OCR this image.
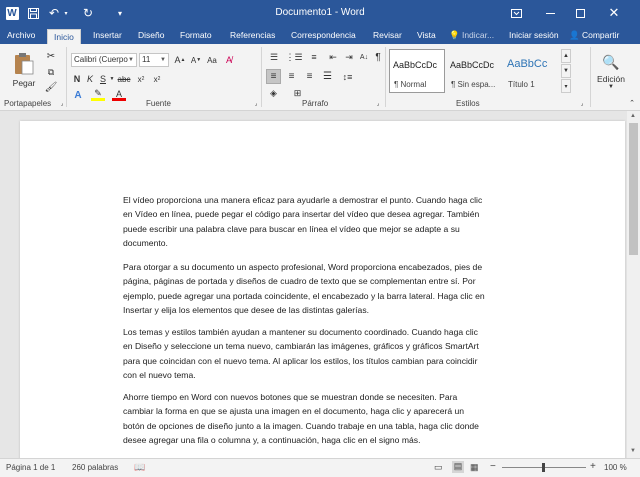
W	↶ ▾ ↻	▾	Documento1 - Word	✕
Archivo	Inicio	Insertar Diseño Formato Referencias Correspondencia Revisar Vista 💡 Indicar... Iniciar sesión 👤 Compartir
Pegar
✂
⧉
🖌
Portapapeles	⌟
Calibri (Cuerpo ▼	11 ▼ A ▲ A ▼ Aa	A̸
N K S ▼ abc x 2	x 2
A	✎	A
Fuente	⌟
☰ ⋮☰ ≡	⇤ ⇥	A↓ ¶
≡	≡	≡	☰	↕≡
◈	⊞
Párrafo	⌟
AaBbCcDc
¶ Normal
AaBbCcDc
¶ Sin espa...
AaBbCc
Título 1
▲
▼
▾
Estilos	⌟
🔍
Edición
▼
⌃
El vídeo proporciona una manera eficaz para ayudarle a demostrar el punto. Cuando haga clic
en Vídeo en línea, puede pegar el código para insertar del vídeo que desea agregar. También
puede escribir una palabra clave para buscar en línea el vídeo que mejor se adapte a su
documento.
Para otorgar a su documento un aspecto profesional, Word proporciona encabezados, pies de
página, páginas de portada y diseños de cuadro de texto que se complementan entre sí. Por
ejemplo, puede agregar una portada coincidente, el encabezado y la barra lateral. Haga clic en
Insertar y elija los elementos que desee de las distintas galerías.
Los temas y estilos también ayudan a mantener su documento coordinado. Cuando haga clic
en Diseño y seleccione un tema nuevo, cambiarán las imágenes, gráficos y gráficos SmartArt
para que coincidan con el nuevo tema. Al aplicar los estilos, los títulos cambian para coincidir
con el nuevo tema.
Ahorre tiempo en Word con nuevos botones que se muestran donde se necesiten. Para
cambiar la forma en que se ajusta una imagen en el documento, haga clic y aparecerá un
botón de opciones de diseño junto a la imagen. Cuando trabaje en una tabla, haga clic donde
desee agregar una fila o columna y, a continuación, haga clic en el signo más.
▲
▼
Página 1 de 1 260 palabras 📖	▭ ▤ ▦ −	+ 100 %
